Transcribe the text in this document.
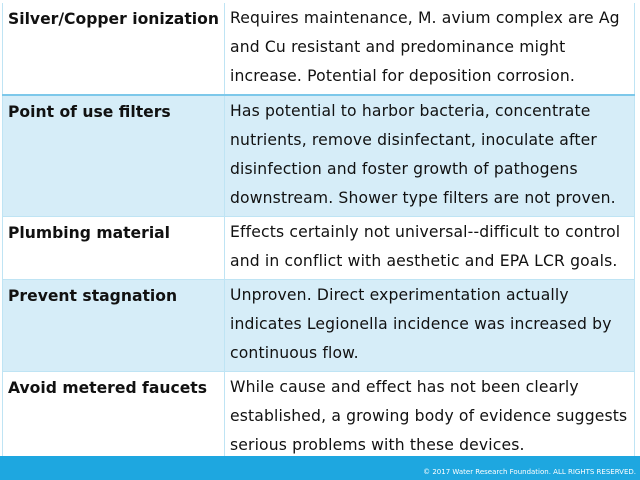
Silver/Copper ionization	Requires maintenance, M. avium complex are Ag and Cu resistant and predominance might increase. Potential for deposition corrosion.
Point of use filters	Has potential to harbor bacteria, concentrate nutrients, remove disinfectant, inoculate after disinfection and foster growth of pathogens downstream. Shower type filters are not proven.
Plumbing material	Effects certainly not universal--difficult to control and in conflict with aesthetic and EPA LCR goals.
Prevent stagnation	Unproven. Direct experimentation actually indicates Legionella incidence was increased by continuous flow.
Avoid metered faucets	While cause and effect has not been clearly established, a growing body of evidence suggests serious problems with these devices.
© 2017 Water Research Foundation. ALL RIGHTS RESERVED.
